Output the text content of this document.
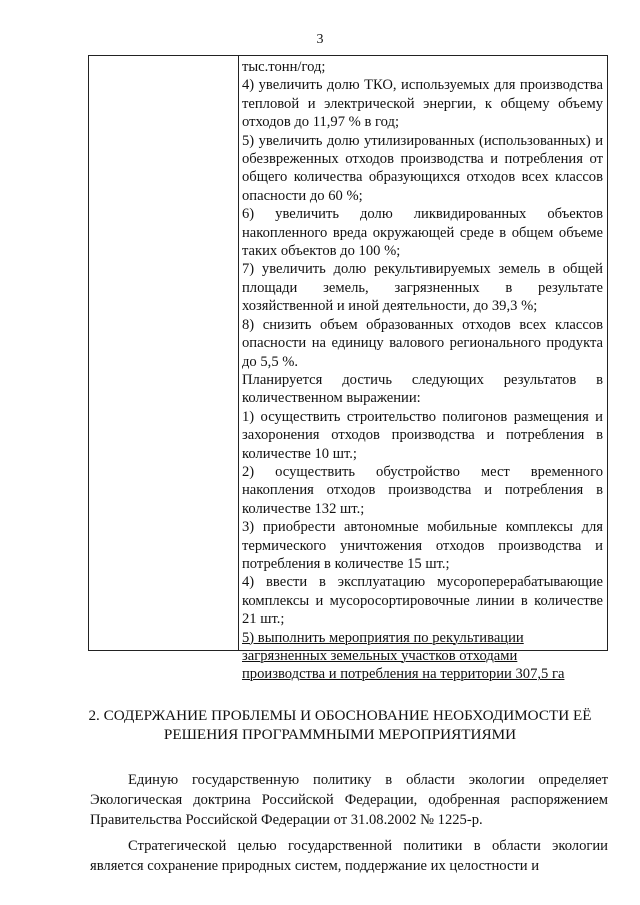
3

тыс.тонн/год;

4) увеличить долю ТКО, используемых для производства тепловой и электрической энергии, к общему объему отходов до 11,97 % в год;

5) увеличить долю утилизированных (использованных) и обезвреженных отходов производства и потребления от общего количества образующихся отходов всех классов опасности до 60 %;

6) увеличить долю ликвидированных объектов накопленного вреда окружающей среде в общем объеме таких объектов до 100 %;

7) увеличить долю рекультивируемых земель в общей площади земель, загрязненных в результате хозяйственной и иной деятельности, до 39,3 %;

8) снизить объем образованных отходов всех классов опасности на единицу валового регионального продукта до 5,5 %.

Планируется достичь следующих результатов в количественном выражении:

1) осуществить строительство полигонов размещения и захоронения отходов производства и потребления в количестве 10 шт.;

2) осуществить обустройство мест временного накопления отходов производства и потребления в количестве 132 шт.;

3) приобрести автономные мобильные комплексы для термического уничтожения отходов производства и потребления в количестве 15 шт.;

4) ввести в эксплуатацию мусороперерабатывающие комплексы и мусоросортировочные линии в количестве 21 шт.;

5) выполнить мероприятия по рекультивации загрязненных земельных участков отходами производства и потребления на территории 307,5 га

2. СОДЕРЖАНИЕ ПРОБЛЕМЫ И ОБОСНОВАНИЕ НЕОБХОДИМОСТИ ЕЁ РЕШЕНИЯ ПРОГРАММНЫМИ МЕРОПРИЯТИЯМИ

Единую государственную политику в области экологии определяет Экологическая доктрина Российской Федерации, одобренная распоряжением Правительства Российской Федерации от 31.08.2002 № 1225-р.

Стратегической целью государственной политики в области экологии является сохранение природных систем, поддержание их целостности и
